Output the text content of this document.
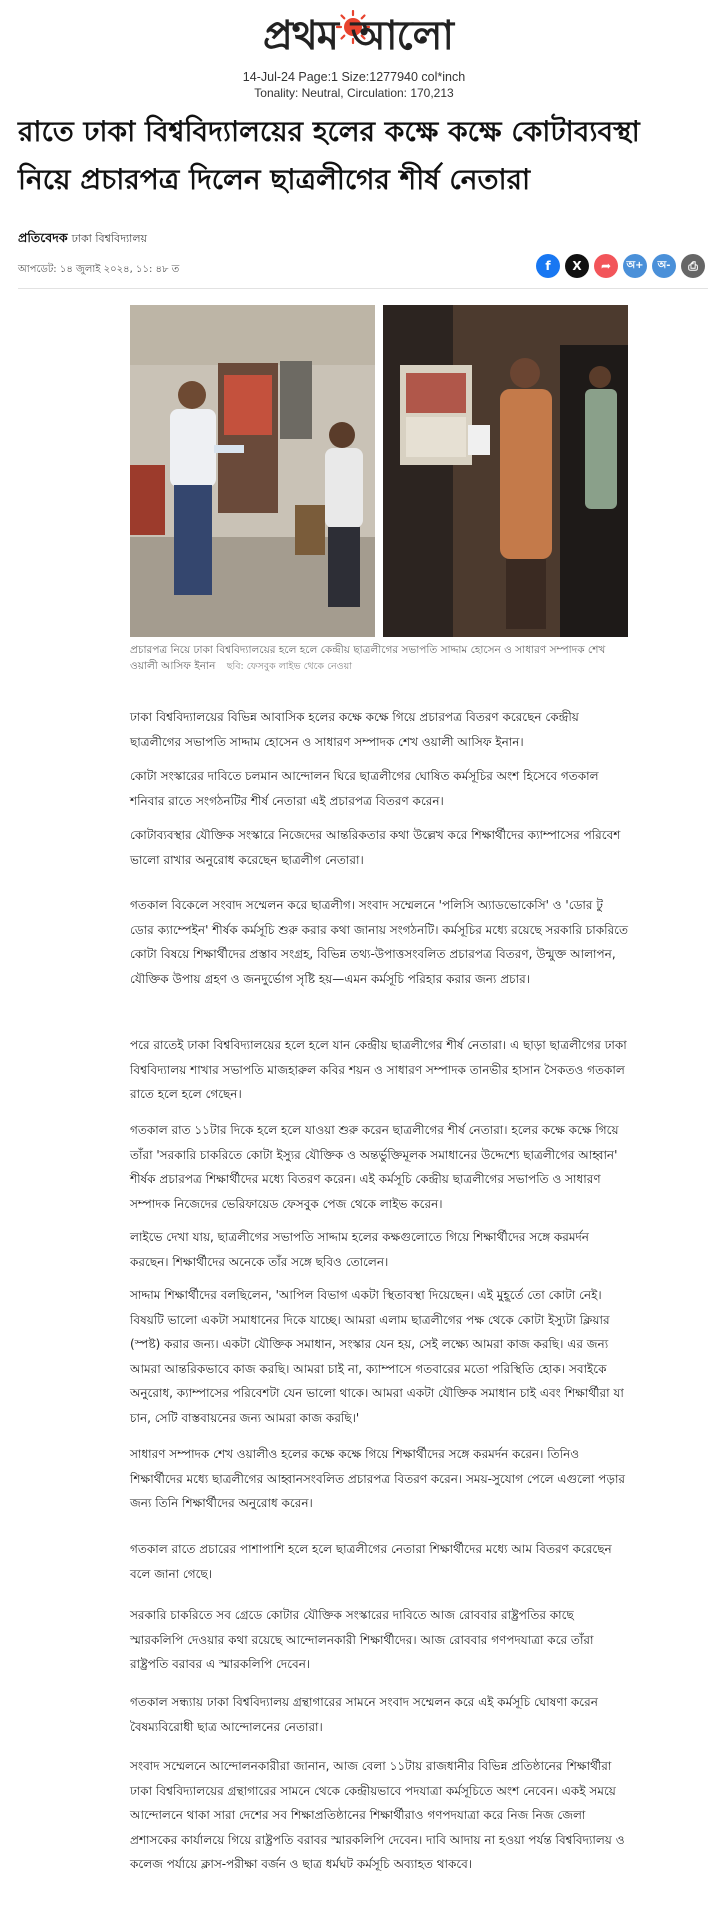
প্রথম আলো
14-Jul-24 Page:1 Size:1277940 col*inch
Tonality: Neutral, Circulation: 170,213
রাতে ঢাকা বিশ্ববিদ্যালয়ের হলের কক্ষে কক্ষে কোটাব্যবস্থা
নিয়ে প্রচারপত্র দিলেন ছাত্রলীগের শীর্ষ নেতারা
প্রতিবেদক ঢাকা বিশ্ববিদ্যালয়
আপডেট: ১৪ জুলাই ২০২৪, ১১: ৪৮ ত	f	X	➦	অ+	অ-	⎙
প্রচারপত্র নিয়ে ঢাকা বিশ্ববিদ্যালয়ের হলে হলে কেন্দ্রীয় ছাত্রলীগের সভাপতি সাদ্দাম হোসেন ও সাধারণ সম্পাদক শেখ ওয়ালী আসিফ ইনান ছবি: ফেসবুক লাইভ থেকে নেওয়া

ঢাকা বিশ্ববিদ্যালয়ের বিভিন্ন আবাসিক হলের কক্ষে কক্ষে গিয়ে প্রচারপত্র বিতরণ করেছেন কেন্দ্রীয় ছাত্রলীগের সভাপতি সাদ্দাম হোসেন ও সাধারণ সম্পাদক শেখ ওয়ালী আসিফ ইনান।

কোটা সংস্কারের দাবিতে চলমান আন্দোলন ঘিরে ছাত্রলীগের ঘোষিত কর্মসূচির অংশ হিসেবে গতকাল শনিবার রাতে সংগঠনটির শীর্ষ নেতারা এই প্রচারপত্র বিতরণ করেন।

কোটাব্যবস্থার যৌক্তিক সংস্কারে নিজেদের আন্তরিকতার কথা উল্লেখ করে শিক্ষার্থীদের ক্যাম্পাসের পরিবেশ ভালো রাখার অনুরোধ করেছেন ছাত্রলীগ নেতারা।

গতকাল বিকেলে সংবাদ সম্মেলন করে ছাত্রলীগ। সংবাদ সম্মেলনে 'পলিসি অ্যাডভোকেসি' ও 'ডোর টু ডোর ক্যাম্পেইন' শীর্ষক কর্মসূচি শুরু করার কথা জানায় সংগঠনটি। কর্মসূচির মধ্যে রয়েছে সরকারি চাকরিতে কোটা বিষয়ে শিক্ষার্থীদের প্রস্তাব সংগ্রহ, বিভিন্ন তথ্য-উপাত্তসংবলিত প্রচারপত্র বিতরণ, উন্মুক্ত আলাপন, যৌক্তিক উপায় গ্রহণ ও জনদুর্ভোগ সৃষ্টি হয়—এমন কর্মসূচি পরিহার করার জন্য প্রচার।

পরে রাতেই ঢাকা বিশ্ববিদ্যালয়ের হলে হলে যান কেন্দ্রীয় ছাত্রলীগের শীর্ষ নেতারা। এ ছাড়া ছাত্রলীগের ঢাকা বিশ্ববিদ্যালয় শাখার সভাপতি মাজহারুল কবির শয়ন ও সাধারণ সম্পাদক তানভীর হাসান সৈকতও গতকাল রাতে হলে হলে গেছেন।

গতকাল রাত ১১টার দিকে হলে হলে যাওয়া শুরু করেন ছাত্রলীগের শীর্ষ নেতারা। হলের কক্ষে কক্ষে গিয়ে তাঁরা 'সরকারি চাকরিতে কোটা ইস্যুর যৌক্তিক ও অন্তর্ভুক্তিমূলক সমাধানের উদ্দেশ্যে ছাত্রলীগের আহ্বান' শীর্ষক প্রচারপত্র শিক্ষার্থীদের মধ্যে বিতরণ করেন। এই কর্মসূচি কেন্দ্রীয় ছাত্রলীগের সভাপতি ও সাধারণ সম্পাদক নিজেদের ভেরিফায়েড ফেসবুক পেজ থেকে লাইভ করেন।

লাইভে দেখা যায়, ছাত্রলীগের সভাপতি সাদ্দাম হলের কক্ষগুলোতে গিয়ে শিক্ষার্থীদের সঙ্গে করমর্দন করছেন। শিক্ষার্থীদের অনেকে তাঁর সঙ্গে ছবিও তোলেন।

সাদ্দাম শিক্ষার্থীদের বলছিলেন, 'আপিল বিভাগ একটা স্থিতাবস্থা দিয়েছেন। এই মুহূর্তে তো কোটা নেই। বিষয়টি ভালো একটা সমাধানের দিকে যাচ্ছে। আমরা এলাম ছাত্রলীগের পক্ষ থেকে কোটা ইস্যুটা ক্লিয়ার (স্পষ্ট) করার জন্য। একটা যৌক্তিক সমাধান, সংস্কার যেন হয়, সেই লক্ষ্যে আমরা কাজ করছি। এর জন্য আমরা আন্তরিকভাবে কাজ করছি। আমরা চাই না, ক্যাম্পাসে গতবারের মতো পরিস্থিতি হোক। সবাইকে অনুরোধ, ক্যাম্পাসের পরিবেশটা যেন ভালো থাকে। আমরা একটা যৌক্তিক সমাধান চাই এবং শিক্ষার্থীরা যা চান, সেটি বাস্তবায়নের জন্য আমরা কাজ করছি।'

সাধারণ সম্পাদক শেখ ওয়ালীও হলের কক্ষে কক্ষে গিয়ে শিক্ষার্থীদের সঙ্গে করমর্দন করেন। তিনিও শিক্ষার্থীদের মধ্যে ছাত্রলীগের আহ্বানসংবলিত প্রচারপত্র বিতরণ করেন। সময়-সুযোগ পেলে এগুলো পড়ার জন্য তিনি শিক্ষার্থীদের অনুরোধ করেন।

গতকাল রাতে প্রচারের পাশাপাশি হলে হলে ছাত্রলীগের নেতারা শিক্ষার্থীদের মধ্যে আম বিতরণ করেছেন বলে জানা গেছে।

সরকারি চাকরিতে সব গ্রেডে কোটার যৌক্তিক সংস্কারের দাবিতে আজ রোববার রাষ্ট্রপতির কাছে স্মারকলিপি দেওয়ার কথা রয়েছে আন্দোলনকারী শিক্ষার্থীদের। আজ রোববার গণপদযাত্রা করে তাঁরা রাষ্ট্রপতি বরাবর এ স্মারকলিপি দেবেন।

গতকাল সন্ধ্যায় ঢাকা বিশ্ববিদ্যালয় গ্রন্থাগারের সামনে সংবাদ সম্মেলন করে এই কর্মসূচি ঘোষণা করেন বৈষম্যবিরোধী ছাত্র আন্দোলনের নেতারা।

সংবাদ সম্মেলনে আন্দোলনকারীরা জানান, আজ বেলা ১১টায় রাজধানীর বিভিন্ন প্রতিষ্ঠানের শিক্ষার্থীরা ঢাকা বিশ্ববিদ্যালয়ের গ্রন্থাগারের সামনে থেকে কেন্দ্রীয়ভাবে পদযাত্রা কর্মসূচিতে অংশ নেবেন। একই সময়ে আন্দোলনে থাকা সারা দেশের সব শিক্ষাপ্রতিষ্ঠানের শিক্ষার্থীরাও গণপদযাত্রা করে নিজ নিজ জেলা প্রশাসকের কার্যালয়ে গিয়ে রাষ্ট্রপতি বরাবর স্মারকলিপি দেবেন। দাবি আদায় না হওয়া পর্যন্ত বিশ্ববিদ্যালয় ও কলেজ পর্যায়ে ক্লাস-পরীক্ষা বর্জন ও ছাত্র ধর্মঘট কর্মসূচি অব্যাহত থাকবে।
